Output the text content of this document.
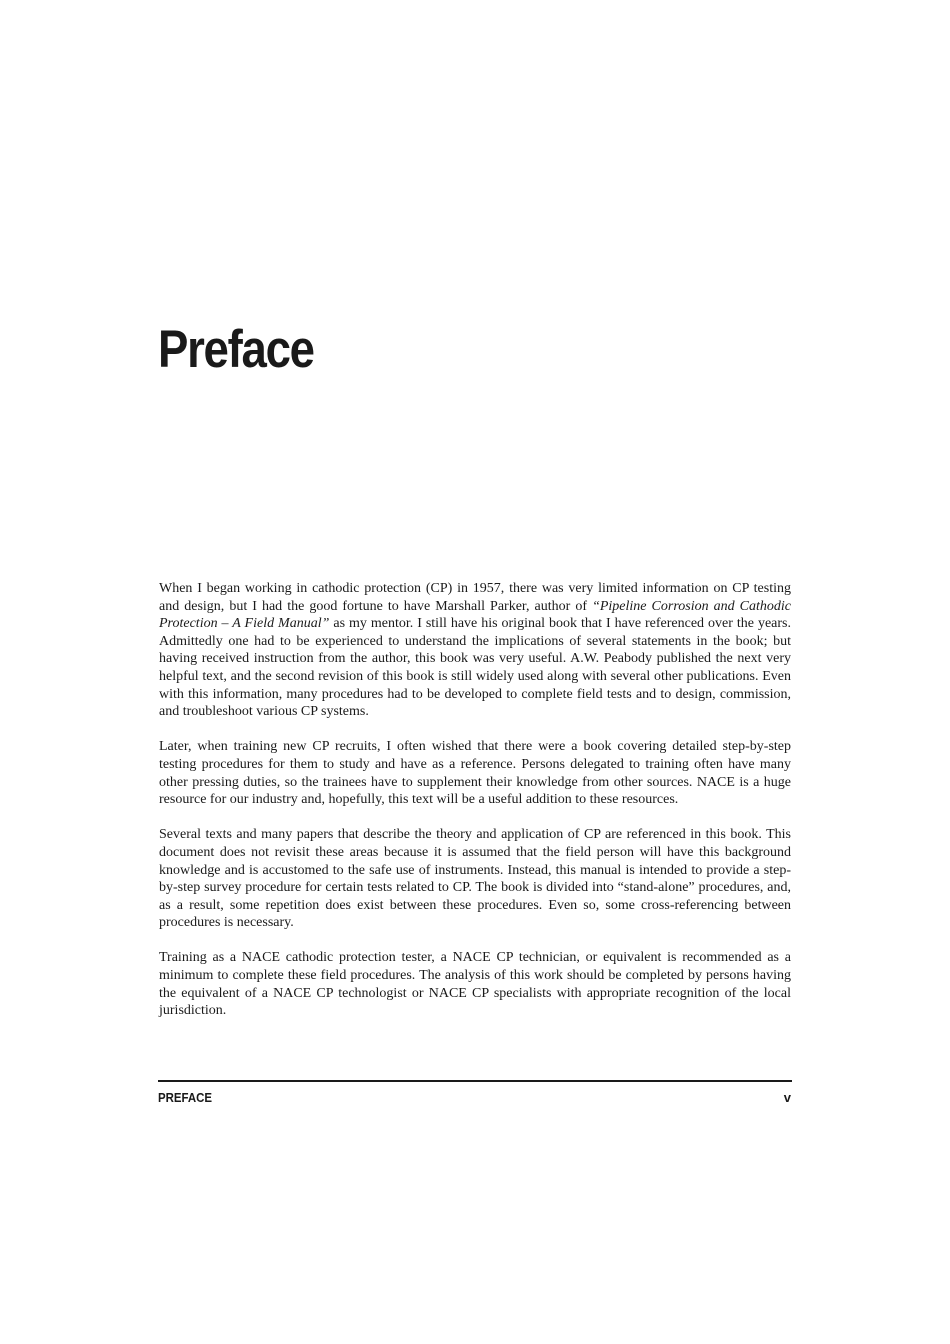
Preface

When I began working in cathodic protection (CP) in 1957, there was very limited information on CP testing and design, but I had the good fortune to have Marshall Parker, author of “Pipeline Corrosion and Cathodic Protection – A Field Manual” as my mentor. I still have his original book that I have referenced over the years. Admittedly one had to be experienced to understand the implications of several statements in the book; but having received instruction from the author, this book was very useful. A.W. Peabody published the next very helpful text, and the second revision of this book is still widely used along with several other publications. Even with this information, many procedures had to be developed to complete field tests and to design, commission, and troubleshoot various CP systems.

Later, when training new CP recruits, I often wished that there were a book covering detailed step-by-step testing procedures for them to study and have as a reference. Persons delegated to training often have many other pressing duties, so the trainees have to supplement their knowledge from other sources. NACE is a huge resource for our industry and, hopefully, this text will be a useful addition to these resources.

Several texts and many papers that describe the theory and application of CP are referenced in this book. This document does not revisit these areas because it is assumed that the field person will have this background knowledge and is accustomed to the safe use of instruments. Instead, this manual is intended to provide a step-by-step survey procedure for certain tests related to CP. The book is divided into “stand-alone” procedures, and, as a result, some repetition does exist between these procedures. Even so, some cross-referencing between procedures is necessary.

Training as a NACE cathodic protection tester, a NACE CP technician, or equivalent is recommended as a minimum to complete these field procedures. The analysis of this work should be completed by persons having the equivalent of a NACE CP technologist or NACE CP specialists with appropriate recognition of the local jurisdiction.

PREFACE	v
